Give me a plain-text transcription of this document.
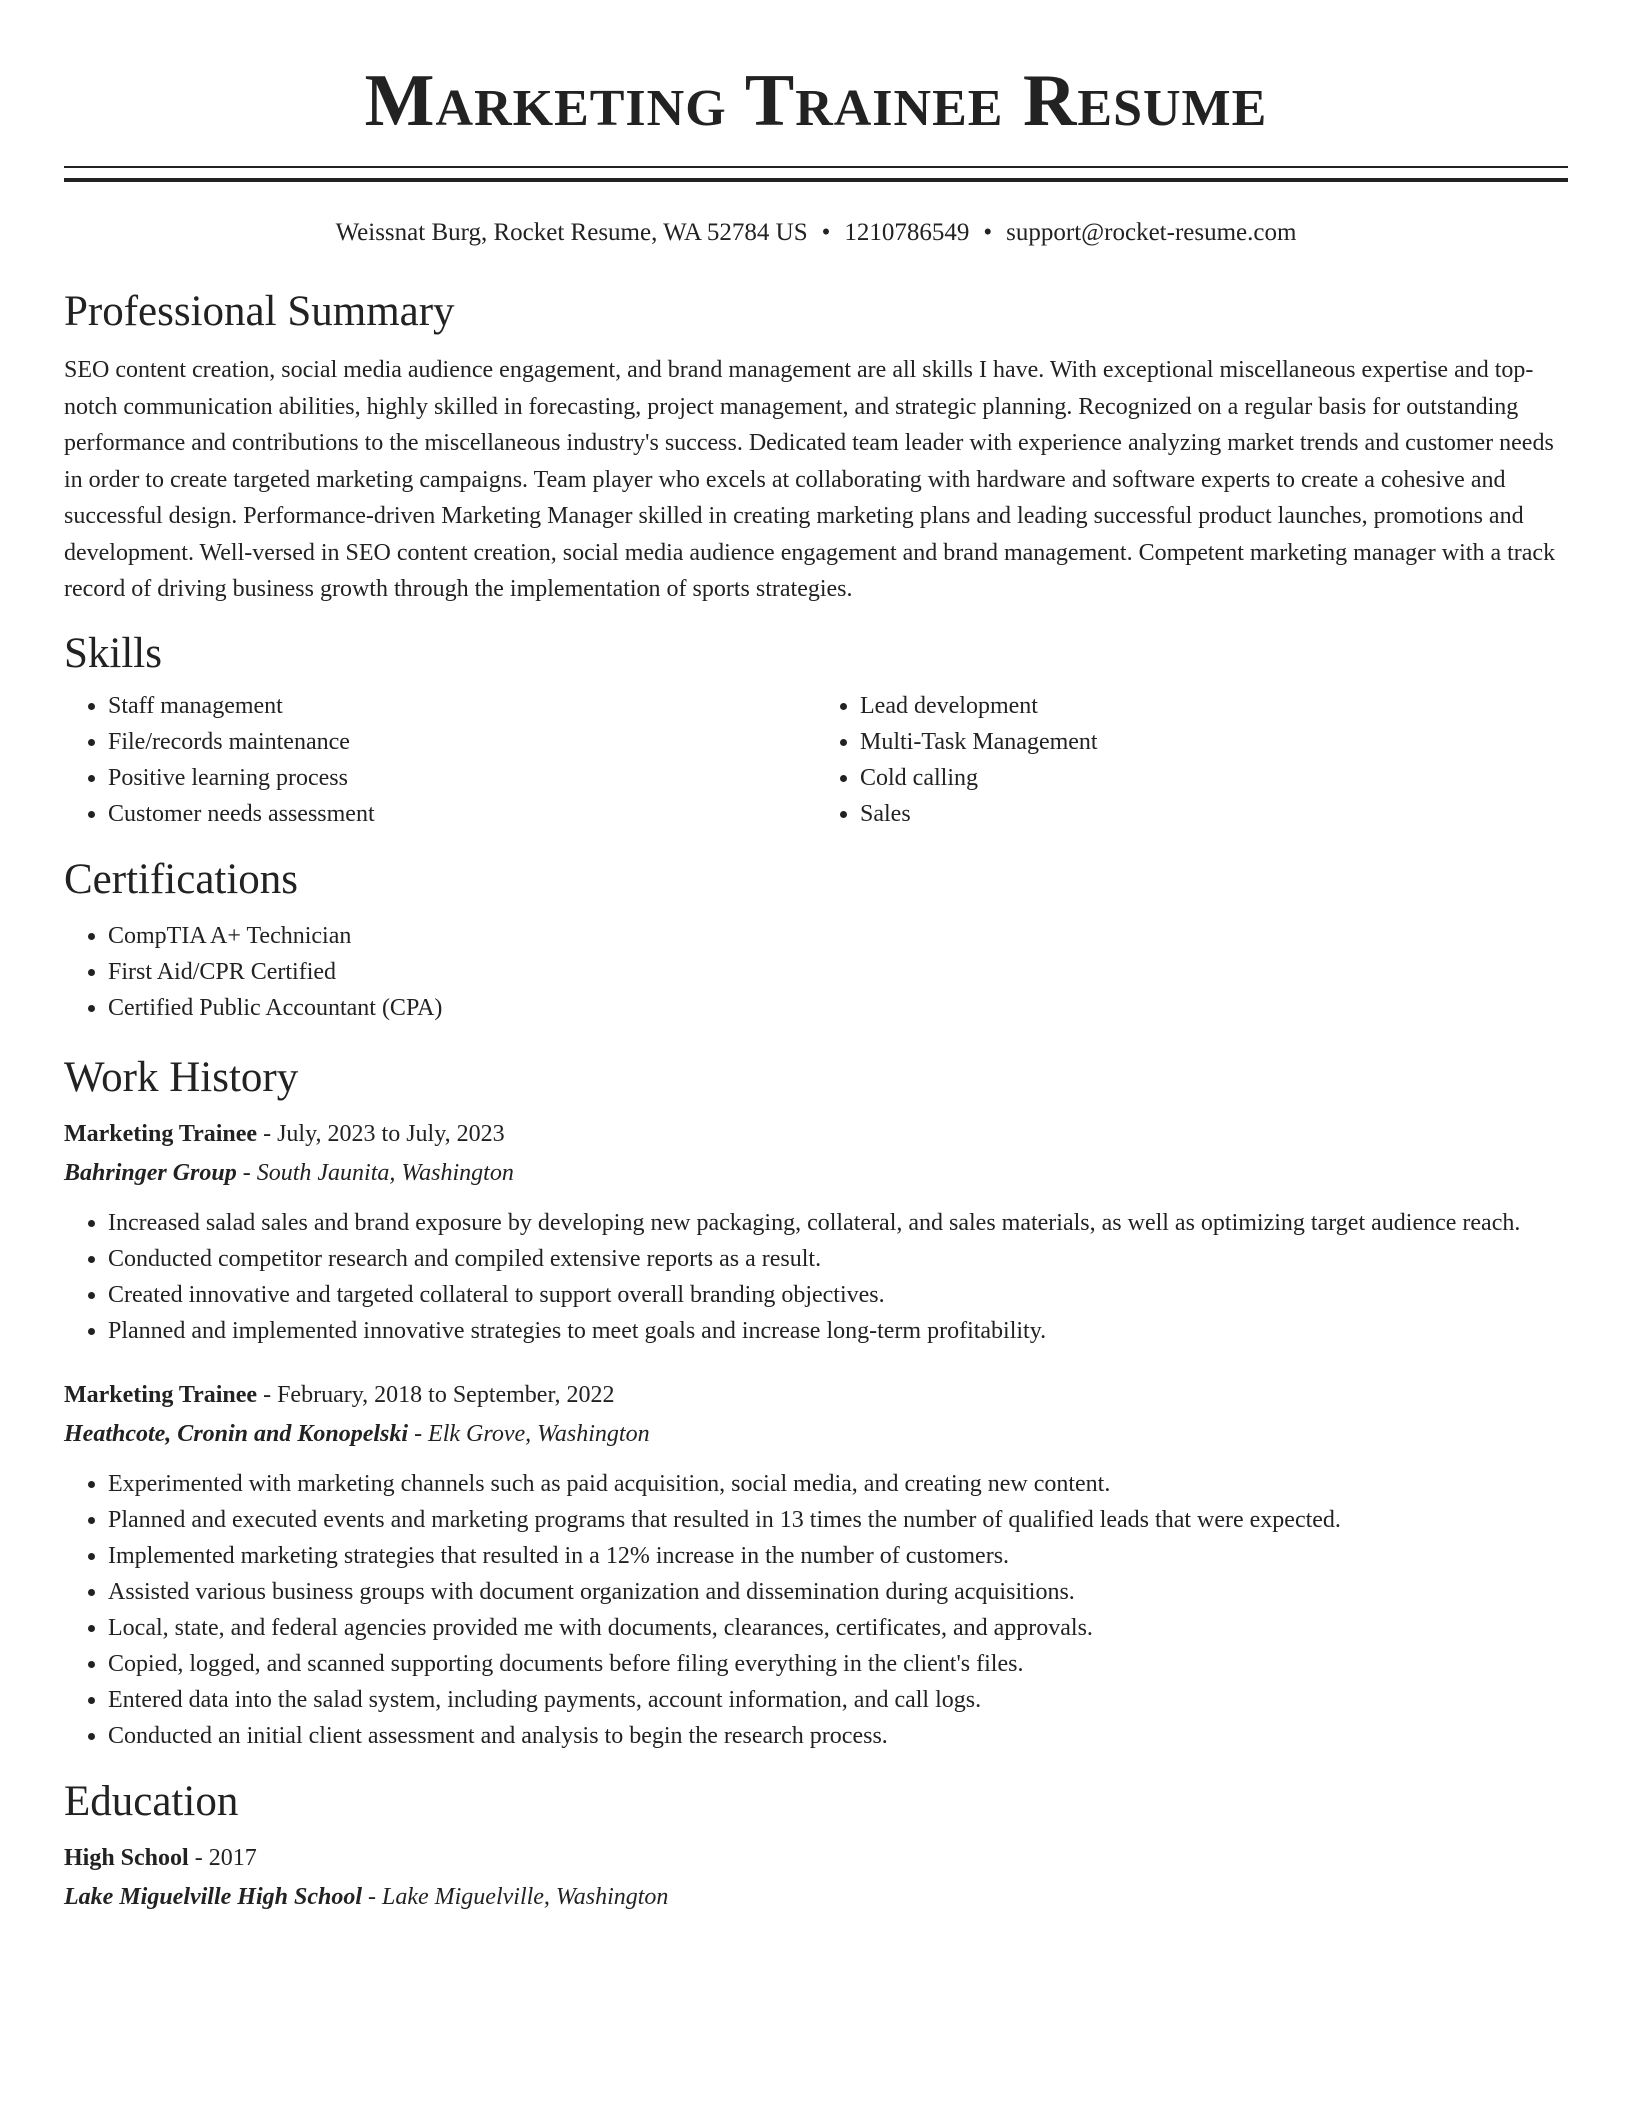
Marketing Trainee Resume
Weissnat Burg, Rocket Resume, WA 52784 US • 1210786549 • support@rocket-resume.com
Professional Summary

SEO content creation, social media audience engagement, and brand management are all skills I have. With exceptional miscellaneous expertise and top-notch communication abilities, highly skilled in forecasting, project management, and strategic planning. Recognized on a regular basis for outstanding performance and contributions to the miscellaneous industry's success. Dedicated team leader with experience analyzing market trends and customer needs in order to create targeted marketing campaigns. Team player who excels at collaborating with hardware and software experts to create a cohesive and successful design. Performance-driven Marketing Manager skilled in creating marketing plans and leading successful product launches, promotions and development. Well-versed in SEO content creation, social media audience engagement and brand management. Competent marketing manager with a track record of driving business growth through the implementation of sports strategies.

Skills
• Staff management
• File/records maintenance
• Positive learning process
• Customer needs assessment
• Lead development
• Multi-Task Management
• Cold calling
• Sales
Certifications
• CompTIA A+ Technician
• First Aid/CPR Certified
• Certified Public Accountant (CPA)
Work History
Marketing Trainee - July, 2023 to July, 2023
Bahringer Group - South Jaunita, Washington
• Increased salad sales and brand exposure by developing new packaging, collateral, and sales materials, as well as optimizing target audience reach.
• Conducted competitor research and compiled extensive reports as a result.
• Created innovative and targeted collateral to support overall branding objectives.
• Planned and implemented innovative strategies to meet goals and increase long-term profitability.
Marketing Trainee - February, 2018 to September, 2022
Heathcote, Cronin and Konopelski - Elk Grove, Washington
• Experimented with marketing channels such as paid acquisition, social media, and creating new content.
• Planned and executed events and marketing programs that resulted in 13 times the number of qualified leads that were expected.
• Implemented marketing strategies that resulted in a 12% increase in the number of customers.
• Assisted various business groups with document organization and dissemination during acquisitions.
• Local, state, and federal agencies provided me with documents, clearances, certificates, and approvals.
• Copied, logged, and scanned supporting documents before filing everything in the client's files.
• Entered data into the salad system, including payments, account information, and call logs.
• Conducted an initial client assessment and analysis to begin the research process.
Education
High School - 2017
Lake Miguelville High School - Lake Miguelville, Washington
